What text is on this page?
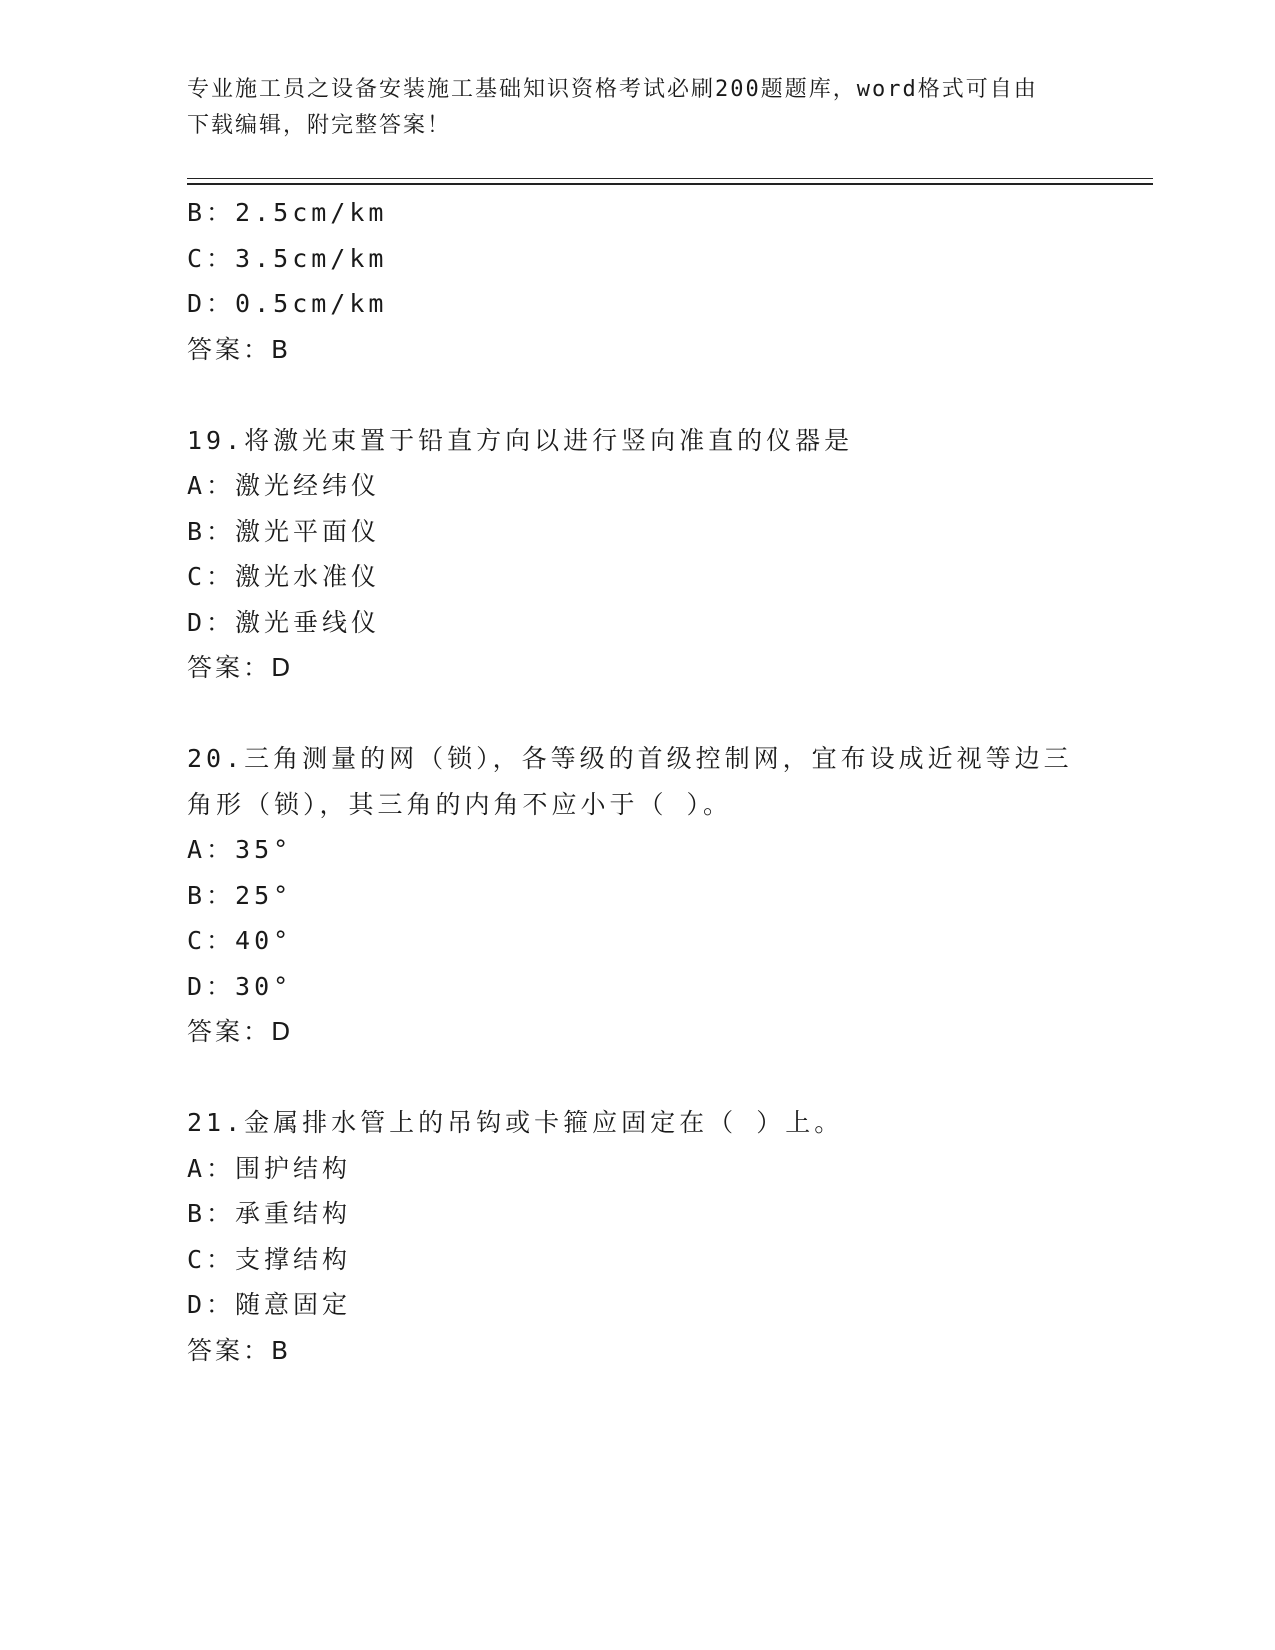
专业施工员之设备安装施工基础知识资格考试必刷200题题库，word格式可自由
下载编辑，附完整答案！
B：2.5cm/km
C：3.5cm/km
D：0.5cm/km
答案：B
19.将激光束置于铅直方向以进行竖向准直的仪器是
A：激光经纬仪
B：激光平面仪
C：激光水准仪
D：激光垂线仪
答案：D
20.三角测量的网（锁），各等级的首级控制网，宜布设成近视等边三
角形（锁），其三角的内角不应小于（ ）。
A：35°
B：25°
C：40°
D：30°
答案：D
21.金属排水管上的吊钩或卡箍应固定在（ ）上。
A：围护结构
B：承重结构
C：支撑结构
D：随意固定
答案：B
